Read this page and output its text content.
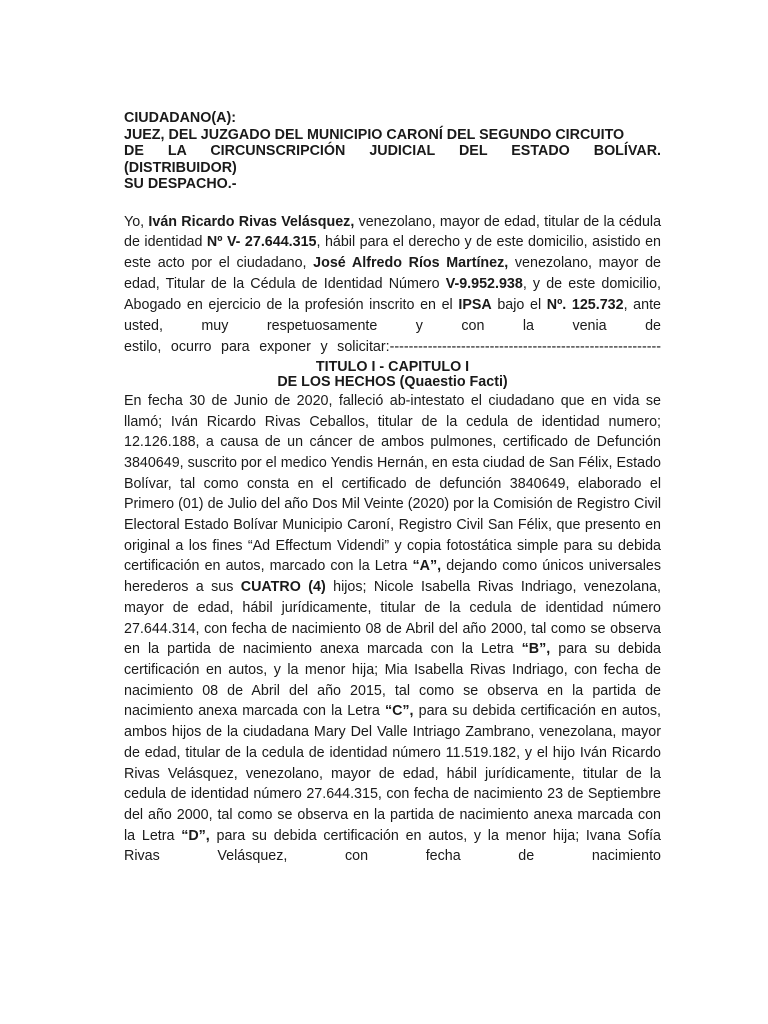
CIUDADANO(A):

JUEZ, DEL JUZGADO DEL MUNICIPIO CARONÍ DEL SEGUNDO CIRCUITO

DE LA CIRCUNSCRIPCIÓN JUDICIAL DEL ESTADO BOLÍVAR.

(DISTRIBUIDOR)

SU DESPACHO.-

Yo, Iván Ricardo Rivas Velásquez, venezolano, mayor de edad, titular de la cédula de identidad Nº V- 27.644.315, hábil para el derecho y de este domicilio, asistido en este acto por el ciudadano, José Alfredo Ríos Martínez, venezolano, mayor de edad, Titular de la Cédula de Identidad Número V-9.952.938, y de este domicilio, Abogado en ejercicio de la profesión inscrito en el IPSA bajo el Nº. 125.732, ante usted, muy respetuosamente y con la venia de

estilo, ocurro para exponer y solicitar:---------------------------------------------------------

TITULO I - CAPITULO I

DE LOS HECHOS (Quaestio Facti)

En fecha 30 de Junio de 2020, falleció ab-intestato el ciudadano que en vida se llamó; Iván Ricardo Rivas Ceballos, titular de la cedula de identidad numero; 12.126.188, a causa de un cáncer de ambos pulmones, certificado de Defunción 3840649, suscrito por el medico Yendis Hernán, en esta ciudad de San Félix, Estado Bolívar, tal como consta en el certificado de defunción 3840649, elaborado el Primero (01) de Julio del año Dos Mil Veinte (2020) por la Comisión de Registro Civil Electoral Estado Bolívar Municipio Caroní, Registro Civil San Félix, que presento en original a los fines “Ad Effectum Videndi” y copia fotostática simple para su debida certificación en autos, marcado con la Letra “A”, dejando como únicos universales herederos a sus CUATRO (4) hijos; Nicole Isabella Rivas Indriago, venezolana, mayor de edad, hábil jurídicamente, titular de la cedula de identidad número 27.644.314, con fecha de nacimiento 08 de Abril del año 2000, tal como se observa en la partida de nacimiento anexa marcada con la Letra “B”, para su debida certificación en autos, y la menor hija; Mia Isabella Rivas Indriago, con fecha de nacimiento 08 de Abril del año 2015, tal como se observa en la partida de nacimiento anexa marcada con la Letra “C”, para su debida certificación en autos, ambos hijos de la ciudadana Mary Del Valle Intriago Zambrano, venezolana, mayor de edad, titular de la cedula de identidad número 11.519.182, y el hijo Iván Ricardo Rivas Velásquez, venezolano, mayor de edad, hábil jurídicamente, titular de la cedula de identidad número 27.644.315, con fecha de nacimiento 23 de Septiembre del año 2000, tal como se observa en la partida de nacimiento anexa marcada con la Letra “D”, para su debida certificación en autos, y la menor hija; Ivana Sofía Rivas Velásquez, con fecha de nacimiento
